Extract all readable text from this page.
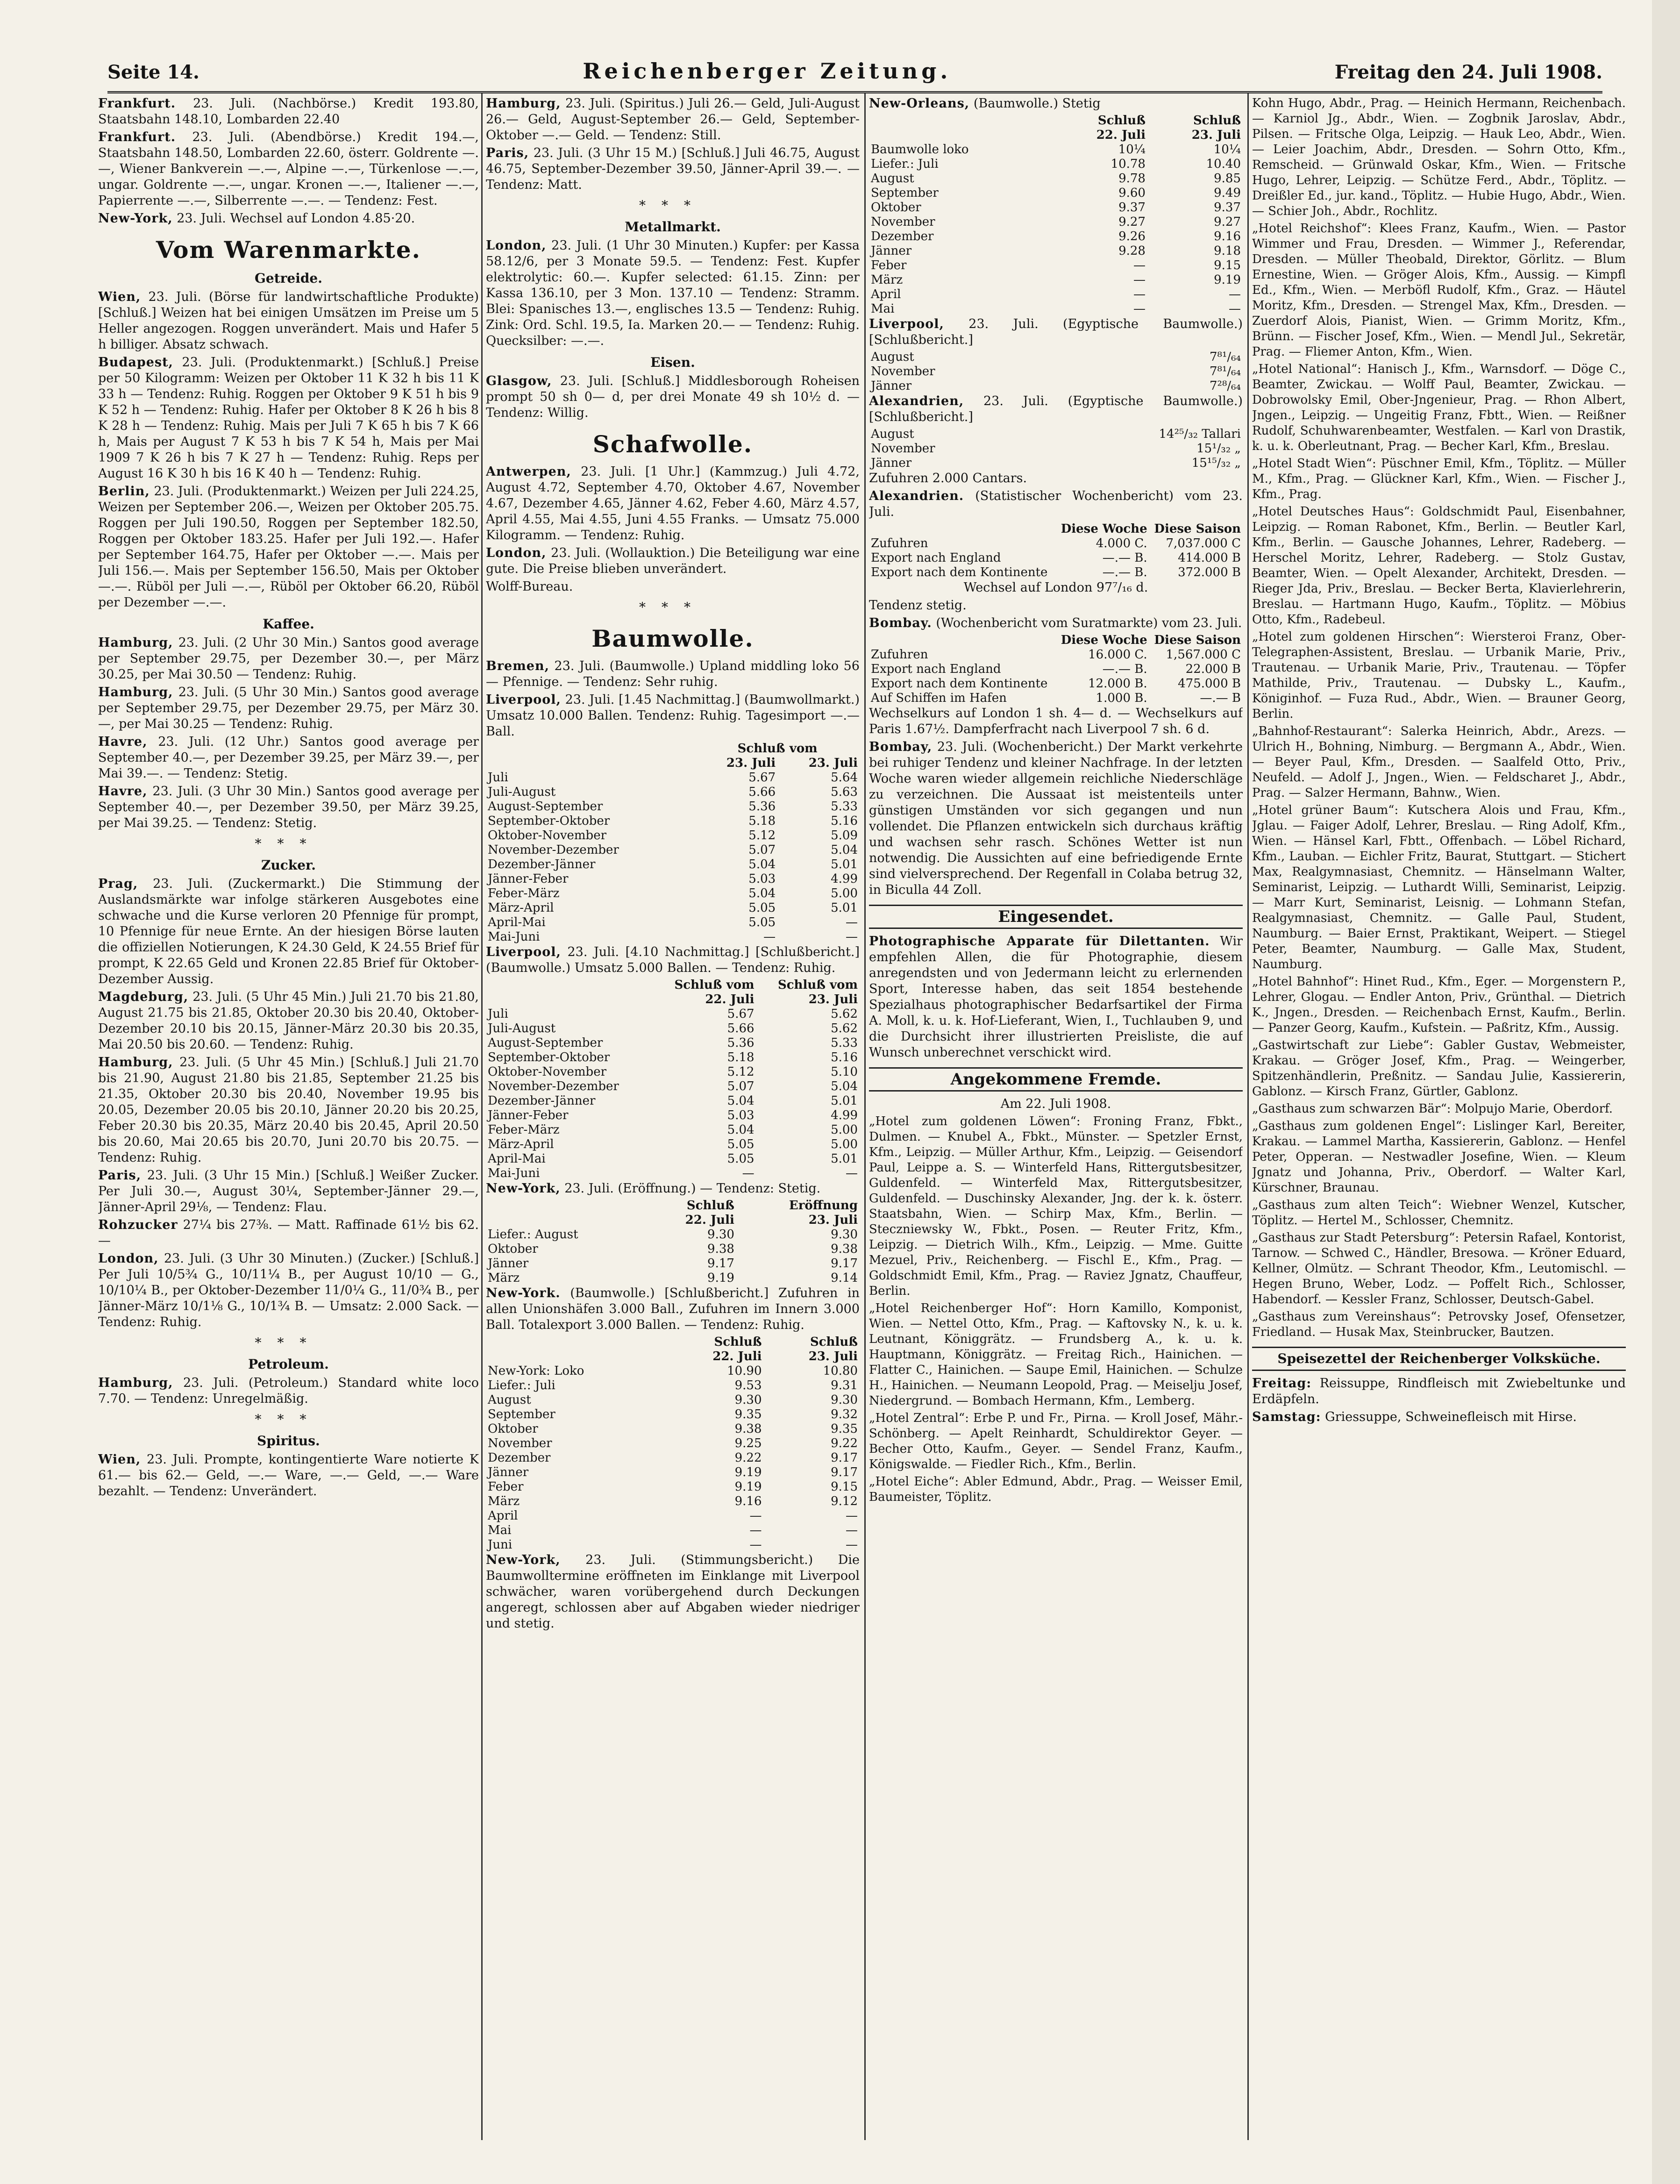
Seite 14.	Reichenberger Zeitung.	Freitag den 24. Juli 1908.

Frankfurt. 23. Juli. (Nachbörse.) Kredit 193.80, Staatsbahn 148.10, Lombarden 22.40

Frankfurt. 23. Juli. (Abendbörse.) Kredit 194.—, Staatsbahn 148.50, Lombarden 22.60, österr. Goldrente —.—, Wiener Bankverein —.—, Alpine —.—, Türkenlose —.—, ungar. Goldrente —.—, ungar. Kronen —.—, Italiener —.—, Papierrente —.—, Silberrente —.—. — Tendenz: Fest.

New-York, 23. Juli. Wechsel auf London 4.85·20.

Vom Warenmarkte.
Getreide.

Wien, 23. Juli. (Börse für landwirtschaftliche Produkte) [Schluß.] Weizen hat bei einigen Umsätzen im Preise um 5 Heller angezogen. Roggen unverändert. Mais und Hafer 5 h billiger. Absatz schwach.

Budapest, 23. Juli. (Produktenmarkt.) [Schluß.] Preise per 50 Kilogramm: Weizen per Oktober 11 K 32 h bis 11 K 33 h — Tendenz: Ruhig. Roggen per Oktober 9 K 51 h bis 9 K 52 h — Tendenz: Ruhig. Hafer per Oktober 8 K 26 h bis 8 K 28 h — Tendenz: Ruhig. Mais per Juli 7 K 65 h bis 7 K 66 h, Mais per August 7 K 53 h bis 7 K 54 h, Mais per Mai 1909 7 K 26 h bis 7 K 27 h — Tendenz: Ruhig. Reps per August 16 K 30 h bis 16 K 40 h — Tendenz: Ruhig.

Berlin, 23. Juli. (Produktenmarkt.) Weizen per Juli 224.25, Weizen per September 206.—, Weizen per Oktober 205.75. Roggen per Juli 190.50, Roggen per September 182.50, Roggen per Oktober 183.25. Hafer per Juli 192.—. Hafer per September 164.75, Hafer per Oktober —.—. Mais per Juli 156.—. Mais per September 156.50, Mais per Oktober —.—. Rüböl per Juli —.—, Rüböl per Oktober 66.20, Rüböl per Dezember —.—.

Kaffee.

Hamburg, 23. Juli. (2 Uhr 30 Min.) Santos good average per September 29.75, per Dezember 30.—, per März 30.25, per Mai 30.50 — Tendenz: Ruhig.

Hamburg, 23. Juli. (5 Uhr 30 Min.) Santos good average per September 29.75, per Dezember 29.75, per März 30.—, per Mai 30.25 — Tendenz: Ruhig.

Havre, 23. Juli. (12 Uhr.) Santos good average per September 40.—, per Dezember 39.25, per März 39.—, per Mai 39.—. — Tendenz: Stetig.

Havre, 23. Juli. (3 Uhr 30 Min.) Santos good average per September 40.—, per Dezember 39.50, per März 39.25, per Mai 39.25. — Tendenz: Stetig.

***
Zucker.

Prag, 23. Juli. (Zuckermarkt.) Die Stimmung der Auslandsmärkte war infolge stärkeren Ausgebotes eine schwache und die Kurse verloren 20 Pfennige für prompt, 10 Pfennige für neue Ernte. An der hiesigen Börse lauten die offiziellen Notierungen, K 24.30 Geld, K 24.55 Brief für prompt, K 22.65 Geld und Kronen 22.85 Brief für Oktober-Dezember Aussig.

Magdeburg, 23. Juli. (5 Uhr 45 Min.) Juli 21.70 bis 21.80, August 21.75 bis 21.85, Oktober 20.30 bis 20.40, Oktober-Dezember 20.10 bis 20.15, Jänner-März 20.30 bis 20.35, Mai 20.50 bis 20.60. — Tendenz: Ruhig.

Hamburg, 23. Juli. (5 Uhr 45 Min.) [Schluß.] Juli 21.70 bis 21.90, August 21.80 bis 21.85, September 21.25 bis 21.35, Oktober 20.30 bis 20.40, November 19.95 bis 20.05, Dezember 20.05 bis 20.10, Jänner 20.20 bis 20.25, Feber 20.30 bis 20.35, März 20.40 bis 20.45, April 20.50 bis 20.60, Mai 20.65 bis 20.70, Juni 20.70 bis 20.75. — Tendenz: Ruhig.

Paris, 23. Juli. (3 Uhr 15 Min.) [Schluß.] Weißer Zucker. Per Juli 30.—, August 30¼, September-Jänner 29.—, Jänner-April 29⅛, — Tendenz: Flau.

Rohzucker 27¼ bis 27⅜. — Matt. Raffinade 61½ bis 62.—

London, 23. Juli. (3 Uhr 30 Minuten.) (Zucker.) [Schluß.] Per Juli 10/5¾ G., 10/11¼ B., per August 10/10 — G., 10/10¼ B., per Oktober-Dezember 11/0¼ G., 11/0¾ B., per Jänner-März 10/1⅛ G., 10/1¾ B. — Umsatz: 2.000 Sack. — Tendenz: Ruhig.

***
Petroleum.

Hamburg, 23. Juli. (Petroleum.) Standard white loco 7.70. — Tendenz: Unregelmäßig.

***
Spiritus.

Wien, 23. Juli. Prompte, kontingentierte Ware notierte K 61.— bis 62.— Geld, —.— Ware, —.— Geld, —.— Ware bezahlt. — Tendenz: Unverändert.

Hamburg, 23. Juli. (Spiritus.) Juli 26.— Geld, Juli-August 26.— Geld, August-September 26.— Geld, September-Oktober —.— Geld. — Tendenz: Still.

Paris, 23. Juli. (3 Uhr 15 M.) [Schluß.] Juli 46.75, August 46.75, September-Dezember 39.50, Jänner-April 39.—. — Tendenz: Matt.

***
Metallmarkt.

London, 23. Juli. (1 Uhr 30 Minuten.) Kupfer: per Kassa 58.12/6, per 3 Monate 59.5. — Tendenz: Fest. Kupfer elektrolytic: 60.—. Kupfer selected: 61.15. Zinn: per Kassa 136.10, per 3 Mon. 137.10 — Tendenz: Stramm. Blei: Spanisches 13.—, englisches 13.5 — Tendenz: Ruhig. Zink: Ord. Schl. 19.5, Ia. Marken 20.— — Tendenz: Ruhig. Quecksilber: —.—.

Eisen.

Glasgow, 23. Juli. [Schluß.] Middlesborough Roheisen prompt 50 sh 0— d, per drei Monate 49 sh 10½ d. — Tendenz: Willig.

Schafwolle.

Antwerpen, 23. Juli. [1 Uhr.] (Kammzug.) Juli 4.72, August 4.72, September 4.70, Oktober 4.67, November 4.67, Dezember 4.65, Jänner 4.62, Feber 4.60, März 4.57, April 4.55, Mai 4.55, Juni 4.55 Franks. — Umsatz 75.000 Kilogramm. — Tendenz: Ruhig.

London, 23. Juli. (Wollauktion.) Die Beteiligung war eine gute. Die Preise blieben unverändert.

Wolff-Bureau.

***
Baumwolle.

Bremen, 23. Juli. (Baumwolle.) Upland middling loko 56— Pfennige. — Tendenz: Sehr ruhig.

Liverpool, 23. Juli. [1.45 Nachmittag.] (Baumwollmarkt.) Umsatz 10.000 Ballen. Tendenz: Ruhig. Tagesimport —.— Ball.

	Schluß vom	
	23. Juli	23. Juli
Juli	5.67	5.64
Juli-August	5.66	5.63
August-September	5.36	5.33
September-Oktober	5.18	5.16
Oktober-November	5.12	5.09
November-Dezember	5.07	5.04
Dezember-Jänner	5.04	5.01
Jänner-Feber	5.03	4.99
Feber-März	5.04	5.00
März-April	5.05	5.01
April-Mai	5.05	—
Mai-Juni	—	—

Liverpool, 23. Juli. [4.10 Nachmittag.] [Schlußbericht.] (Baumwolle.) Umsatz 5.000 Ballen. — Tendenz: Ruhig.

	Schluß vom	Schluß vom
	22. Juli	23. Juli
Juli	5.67	5.62
Juli-August	5.66	5.62
August-September	5.36	5.33
September-Oktober	5.18	5.16
Oktober-November	5.12	5.10
November-Dezember	5.07	5.04
Dezember-Jänner	5.04	5.01
Jänner-Feber	5.03	4.99
Feber-März	5.04	5.00
März-April	5.05	5.00
April-Mai	5.05	5.01
Mai-Juni	—	—

New-York, 23. Juli. (Eröffnung.) — Tendenz: Stetig.

	Schluß	Eröffnung
	22. Juli	23. Juli
Liefer.: August	9.30	9.30
Oktober	9.38	9.38
Jänner	9.17	9.17
März	9.19	9.14

New-York. (Baumwolle.) [Schlußbericht.] Zufuhren in allen Unionshäfen 3.000 Ball., Zufuhren im Innern 3.000 Ball. Totalexport 3.000 Ballen. — Tendenz: Ruhig.

	Schluß	Schluß
	22. Juli	23. Juli
New-York: Loko	10.90	10.80
Liefer.: Juli	9.53	9.31
August	9.30	9.30
September	9.35	9.32
Oktober	9.38	9.35
November	9.25	9.22
Dezember	9.22	9.17
Jänner	9.19	9.17
Feber	9.19	9.15
März	9.16	9.12
April	—	—
Mai	—	—
Juni	—	—

New-York, 23. Juli. (Stimmungsbericht.) Die Baumwolltermine eröffneten im Einklange mit Liverpool schwächer, waren vorübergehend durch Deckungen angeregt, schlossen aber auf Abgaben wieder niedriger und stetig.

New-Orleans, (Baumwolle.) Stetig

	Schluß	Schluß
	22. Juli	23. Juli
Baumwolle loko	10¼	10¼
Liefer.: Juli	10.78	10.40
August	9.78	9.85
September	9.60	9.49
Oktober	9.37	9.37
November	9.27	9.27
Dezember	9.26	9.16
Jänner	9.28	9.18
Feber	—	9.15
März	—	9.19
April	—	—
Mai	—	—

Liverpool, 23. Juli. (Egyptische Baumwolle.) [Schlußbericht.]

August	7⁸¹/₆₄
November	7⁸¹/₆₄
Jänner	7²⁸/₆₄

Alexandrien, 23. Juli. (Egyptische Baumwolle.) [Schlußbericht.]

August	14²⁵/₃₂ Tallari
November	15¹/₃₂ „
Jänner	15¹⁵/₃₂ „

Zufuhren 2.000 Cantars.

Alexandrien. (Statistischer Wochenbericht) vom 23. Juli.

	Diese Woche	Diese Saison
Zufuhren	4.000 C.	7,037.000 C
Export nach England	—.— B.	414.000 B
Export nach dem Kontinente	—.— B.	372.000 B

Wechsel auf London 97⁷/₁₆ d.

Tendenz stetig.

Bombay. (Wochenbericht vom Suratmarkte) vom 23. Juli.

	Diese Woche	Diese Saison
Zufuhren	16.000 C.	1,567.000 C
Export nach England	—.— B.	22.000 B
Export nach dem Kontinente	12.000 B.	475.000 B
Auf Schiffen im Hafen	1.000 B.	—.— B

Wechselkurs auf London 1 sh. 4— d. — Wechselkurs auf Paris 1.67½. Dampferfracht nach Liverpool 7 sh. 6 d.

Bombay, 23. Juli. (Wochenbericht.) Der Markt verkehrte bei ruhiger Tendenz und kleiner Nachfrage. In der letzten Woche waren wieder allgemein reichliche Niederschläge zu verzeichnen. Die Aussaat ist meistenteils unter günstigen Umständen vor sich gegangen und nun vollendet. Die Pflanzen entwickeln sich durchaus kräftig und wachsen sehr rasch. Schönes Wetter ist nun notwendig. Die Aussichten auf eine befriedigende Ernte sind vielversprechend. Der Regenfall in Colaba betrug 32, in Bicullа 44 Zoll.

Eingesendet.

Photographische Apparate für Dilettanten. Wir empfehlen Allen, die für Photographie, diesem anregendsten und von Jedermann leicht zu erlernenden Sport, Interesse haben, das seit 1854 bestehende Spezialhaus photographischer Bedarfsartikel der Firma A. Moll, k. u. k. Hof-Lieferant, Wien, I., Tuchlauben 9, und die Durchsicht ihrer illustrierten Preisliste, die auf Wunsch unberechnet verschickt wird.

Angekommene Fremde.

Am 22. Juli 1908.

„Hotel zum goldenen Löwen“: Froning Franz, Fbkt., Dulmen. — Knubel A., Fbkt., Münster. — Spetzler Ernst, Kfm., Leipzig. — Müller Arthur, Kfm., Leipzig. — Geisendorf Paul, Leippe a. S. — Winterfeld Hans, Rittergutsbesitzer, Guldenfeld. — Winterfeld Max, Rittergutsbesitzer, Guldenfeld. — Duschinsky Alexander, Jng. der k. k. österr. Staatsbahn, Wien. — Schirp Max, Kfm., Berlin. — Steczniewsky W., Fbkt., Posen. — Reuter Fritz, Kfm., Leipzig. — Dietrich Wilh., Kfm., Leipzig. — Mme. Guitte Mezuel, Priv., Reichenberg. — Fischl E., Kfm., Prag. — Goldschmidt Emil, Kfm., Prag. — Raviez Jgnatz, Chauffeur, Berlin.

„Hotel Reichenberger Hof“: Horn Kamillo, Komponist, Wien. — Nettel Otto, Kfm., Prag. — Kaftovsky N., k. u. k. Leutnant, Königgrätz. — Frundsberg A., k. u. k. Hauptmann, Königgrätz. — Freitag Rich., Hainichen. — Flatter C., Hainichen. — Saupe Emil, Hainichen. — Schulze H., Hainichen. — Neumann Leopold, Prag. — Meiselju Josef, Niedergrund. — Bombach Hermann, Kfm., Lemberg.

„Hotel Zentral“: Erbe P. und Fr., Pirna. — Kroll Josef, Mähr.-Schönberg. — Apelt Reinhardt, Schuldirektor Geyer. — Becher Otto, Kaufm., Geyer. — Sendel Franz, Kaufm., Königswalde. — Fiedler Rich., Kfm., Berlin.

„Hotel Eiche“: Abler Edmund, Abdr., Prag. — Weisser Emil, Baumeister, Töplitz.

Kohn Hugo, Abdr., Prag. — Heinich Hermann, Reichenbach. — Karniol Jg., Abdr., Wien. — Zogbnik Jaroslav, Abdr., Pilsen. — Fritsche Olga, Leipzig. — Hauk Leo, Abdr., Wien. — Leier Joachim, Abdr., Dresden. — Sohrn Otto, Kfm., Remscheid. — Grünwald Oskar, Kfm., Wien. — Fritsche Hugo, Lehrer, Leipzig. — Schütze Ferd., Abdr., Töplitz. — Dreißler Ed., jur. kand., Töplitz. — Hubie Hugo, Abdr., Wien. — Schier Joh., Abdr., Rochlitz.

„Hotel Reichshof“: Klees Franz, Kaufm., Wien. — Pastor Wimmer und Frau, Dresden. — Wimmer J., Referendar, Dresden. — Müller Theobald, Direktor, Görlitz. — Blum Ernestine, Wien. — Gröger Alois, Kfm., Aussig. — Kimpfl Ed., Kfm., Wien. — Merböfl Rudolf, Kfm., Graz. — Häutel Moritz, Kfm., Dresden. — Strengel Max, Kfm., Dresden. — Zuerdorf Alois, Pianist, Wien. — Grimm Moritz, Kfm., Brünn. — Fischer Josef, Kfm., Wien. — Mendl Jul., Sekretär, Prag. — Fliemer Anton, Kfm., Wien.

„Hotel National“: Hanisch J., Kfm., Warnsdorf. — Döge C., Beamter, Zwickau. — Wolff Paul, Beamter, Zwickau. — Dobrowolsky Emil, Ober-Jngenieur, Prag. — Rhon Albert, Jngen., Leipzig. — Ungeitig Franz, Fbtt., Wien. — Reißner Rudolf, Schuhwarenbeamter, Westfalen. — Karl von Drastik, k. u. k. Oberleutnant, Prag. — Becher Karl, Kfm., Breslau.

„Hotel Stadt Wien“: Püschner Emil, Kfm., Töplitz. — Müller M., Kfm., Prag. — Glückner Karl, Kfm., Wien. — Fischer J., Kfm., Prag.

„Hotel Deutsches Haus“: Goldschmidt Paul, Eisenbahner, Leipzig. — Roman Rabonet, Kfm., Berlin. — Beutler Karl, Kfm., Berlin. — Gausche Johannes, Lehrer, Radeberg. — Herschel Moritz, Lehrer, Radeberg. — Stolz Gustav, Beamter, Wien. — Opelt Alexander, Architekt, Dresden. — Rieger Jda, Priv., Breslau. — Becker Berta, Klavierlehrerin, Breslau. — Hartmann Hugo, Kaufm., Töplitz. — Möbius Otto, Kfm., Radebeul.

„Hotel zum goldenen Hirschen“: Wiersteroi Franz, Ober-Telegraphen-Assistent, Breslau. — Urbanik Marie, Priv., Trautenau. — Urbanik Marie, Priv., Trautenau. — Töpfer Mathilde, Priv., Trautenau. — Dubsky L., Kaufm., Königinhof. — Fuza Rud., Abdr., Wien. — Brauner Georg, Berlin.

„Bahnhof-Restaurant“: Salerka Heinrich, Abdr., Arezs. — Ulrich H., Bohning, Nimburg. — Bergmann A., Abdr., Wien. — Beyer Paul, Kfm., Dresden. — Saalfeld Otto, Priv., Neufeld. — Adolf J., Jngen., Wien. — Feldscharet J., Abdr., Prag. — Salzer Hermann, Bahnw., Wien.

„Hotel grüner Baum“: Kutschera Alois und Frau, Kfm., Jglau. — Faiger Adolf, Lehrer, Breslau. — Ring Adolf, Kfm., Wien. — Hänsel Karl, Fbtt., Offenbach. — Löbel Richard, Kfm., Lauban. — Eichler Fritz, Baurat, Stuttgart. — Stichert Max, Realgymnasiast, Chemnitz. — Hänselmann Walter, Seminarist, Leipzig. — Luthardt Willi, Seminarist, Leipzig. — Marr Kurt, Seminarist, Leisnig. — Lohmann Stefan, Realgymnasiast, Chemnitz. — Galle Paul, Student, Naumburg. — Baier Ernst, Praktikant, Weipert. — Stiegel Peter, Beamter, Naumburg. — Galle Max, Student, Naumburg.

„Hotel Bahnhof“: Hinet Rud., Kfm., Eger. — Morgenstern P., Lehrer, Glogau. — Endler Anton, Priv., Grünthal. — Dietrich K., Jngen., Dresden. — Reichenbach Ernst, Kaufm., Berlin. — Panzer Georg, Kaufm., Kufstein. — Paßritz, Kfm., Aussig.

„Gastwirtschaft zur Liebe“: Gabler Gustav, Webmeister, Krakau. — Gröger Josef, Kfm., Prag. — Weingerber, Spitzenhändlerin, Preßnitz. — Sandau Julie, Kassiererin, Gablonz. — Kirsch Franz, Gürtler, Gablonz.

„Gasthaus zum schwarzen Bär“: Molpujo Marie, Oberdorf.

„Gasthaus zum goldenen Engel“: Lislinger Karl, Bereiter, Krakau. — Lammel Martha, Kassiererin, Gablonz. — Henfel Peter, Opperan. — Nestwadler Josefine, Wien. — Kleum Jgnatz und Johanna, Priv., Oberdorf. — Walter Karl, Kürschner, Braunau.

„Gasthaus zum alten Teich“: Wiebner Wenzel, Kutscher, Töplitz. — Hertel M., Schlosser, Chemnitz.

„Gasthaus zur Stadt Petersburg“: Petersin Rafael, Kontorist, Tarnow. — Schwed C., Händler, Bresowa. — Kröner Eduard, Kellner, Olmütz. — Schrant Theodor, Kfm., Leutomischl. — Hegen Bruno, Weber, Lodz. — Poffelt Rich., Schlosser, Habendorf. — Kessler Franz, Schlosser, Deutsch-Gabel.

„Gasthaus zum Vereinshaus“: Petrovsky Josef, Ofensetzer, Friedland. — Husak Max, Steinbrucker, Bautzen.

Speisezettel der Reichenberger Volksküche.

Freitag: Reissuppe, Rindfleisch mit Zwiebeltunke und Erdäpfeln.

Samstag: Griessuppe, Schweinefleisch mit Hirse.
